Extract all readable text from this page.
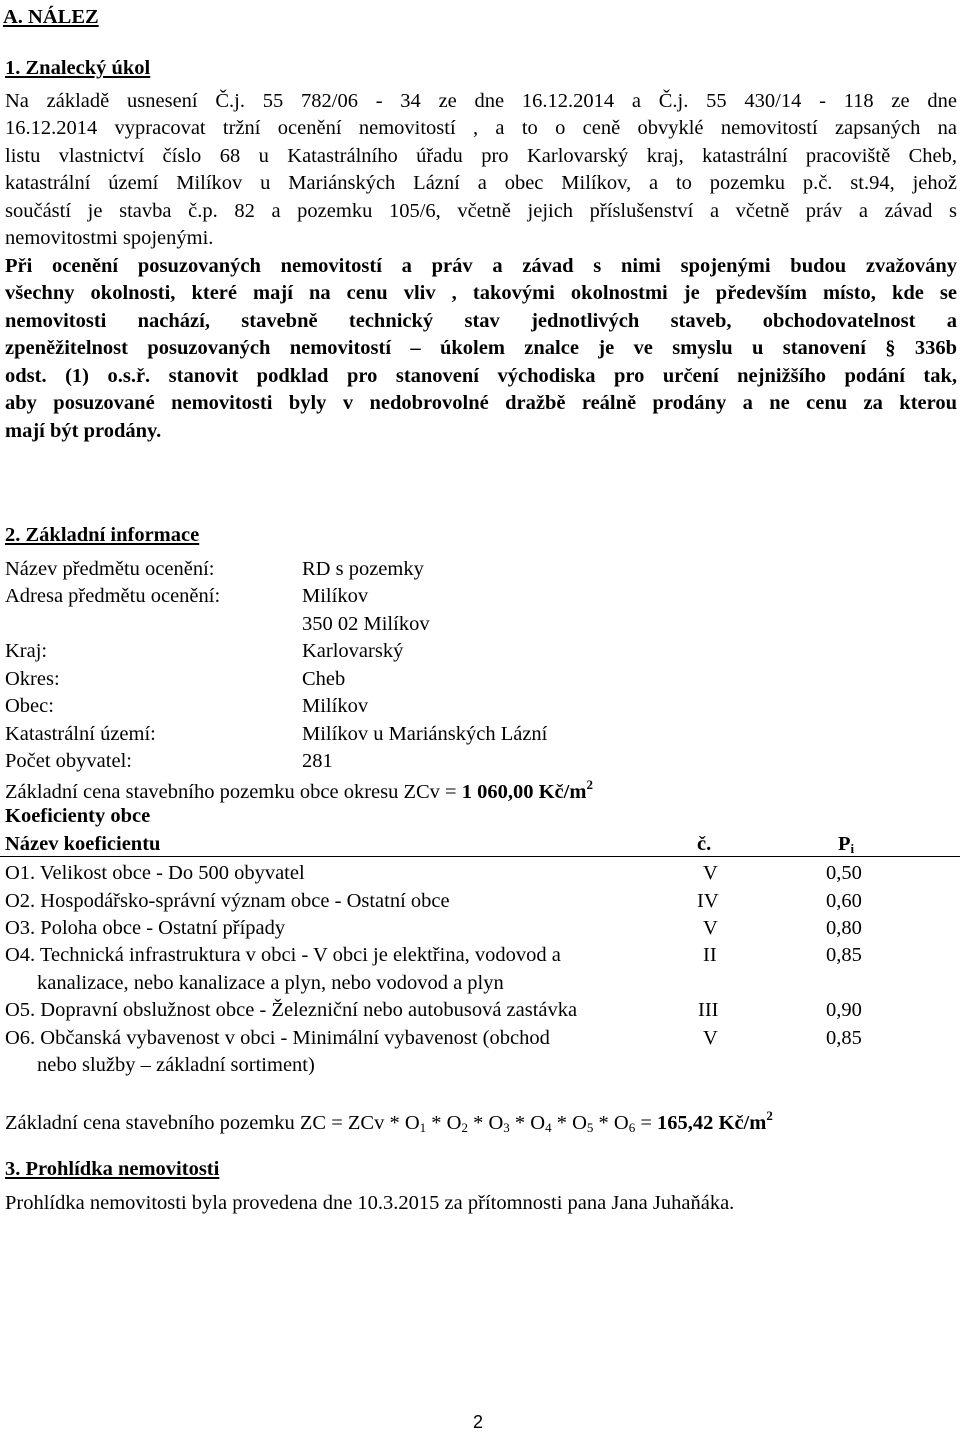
A. NÁLEZ
1. Znalecký úkol
Na základě usnesení Č.j. 55 782/06 - 34 ze dne 16.12.2014 a Č.j. 55 430/14 - 118 ze dne
16.12.2014 vypracovat tržní ocenění nemovitostí , a to o ceně obvyklé nemovitostí zapsaných na
listu vlastnictví číslo 68 u Katastrálního úřadu pro Karlovarský kraj, katastrální pracoviště Cheb,
katastrální území Milíkov u Mariánských Lázní a obec Milíkov, a to pozemku p.č. st.94, jehož
součástí je stavba č.p. 82 a pozemku 105/6, včetně jejich příslušenství a včetně práv a závad s
nemovitostmi spojenými.
Při ocenění posuzovaných nemovitostí a práv a závad s nimi spojenými budou zvažovány
všechny okolnosti, které mají na cenu vliv , takovými okolnostmi je především místo, kde se
nemovitosti nachází, stavebně technický stav jednotlivých staveb, obchodovatelnost a
zpeněžitelnost posuzovaných nemovitostí – úkolem znalce je ve smyslu u stanovení § 336b
odst. (1) o.s.ř. stanovit podklad pro stanovení východiska pro určení nejnižšího podání tak,
aby posuzované nemovitosti byly v nedobrovolné dražbě reálně prodány a ne cenu za kterou
mají být prodány.
2. Základní informace
Název předmětu ocenění:	RD s pozemky
Adresa předmětu ocenění:	Milíkov
350 02 Milíkov
Kraj:	Karlovarský
Okres:	Cheb
Obec:	Milíkov
Katastrální území:	Milíkov u Mariánských Lázní
Počet obyvatel:	281
Základní cena stavebního pozemku obce okresu ZCv = 1 060,00 $Kč/m^2$
Koeficienty obce
Název koeficientu	č.	$P_i$
O1. Velikost obce - Do 500 obyvatel	V	0,50
O2. Hospodářsko-správní význam obce - Ostatní obce	IV	0,60
O3. Poloha obce - Ostatní případy	V	0,80
O4. Technická infrastruktura v obci - V obci je elektřina, vodovod a
kanalizace, nebo kanalizace a plyn, nebo vodovod a plyn
II	0,85
O5. Dopravní obslužnost obce - Železniční nebo autobusová zastávka	III	0,90
O6. Občanská vybavenost v obci - Minimální vybavenost (obchod
nebo služby – základní sortiment)
V	0,85
Základní cena stavebního pozemku ZC = ZCv * $O_1 * O_2 * O_3 * O_4 * O_5 * O_6 = 165,42$ $Kč/m^2$
3. Prohlídka nemovitosti
Prohlídka nemovitosti byla provedena dne 10.3.2015 za přítomnosti pana Jana Juhaňáka.
2
